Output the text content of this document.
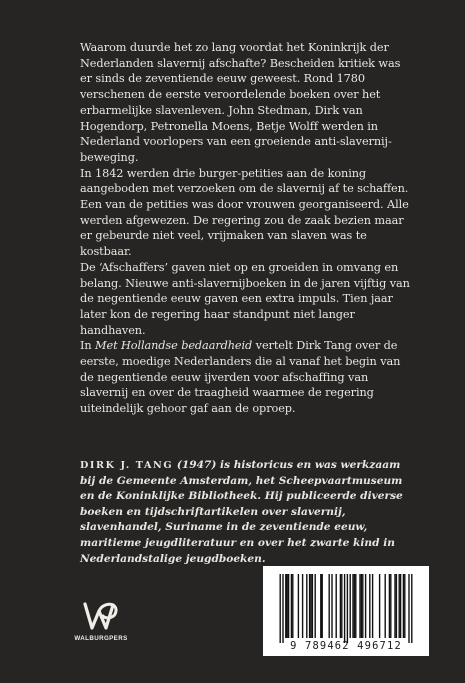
Waarom duurde het zo lang voordat het Koninkrijk der Nederlanden slavernij afschafte? Bescheiden kritiek was er sinds de zeventiende eeuw geweest. Rond 1780 verschenen de eerste veroordelende boeken over het erbarmelijke slavenleven. John Stedman, Dirk van Hogendorp, Petronella Moens, Betje Wolff werden in Nederland voorlopers van een groeiende anti-slavernij-beweging.

In 1842 werden drie burger-petities aan de koning aangeboden met verzoeken om de slavernij af te schaffen. Een van de petities was door vrouwen georganiseerd. Alle werden afgewezen. De regering zou de zaak bezien maar er gebeurde niet veel, vrijmaken van slaven was te kostbaar.

De ‘Afschaffers’ gaven niet op en groeiden in omvang en belang. Nieuwe anti-slavernijboeken in de jaren vijftig van de negentiende eeuw gaven een extra impuls. Tien jaar later kon de regering haar standpunt niet langer handhaven.

In Met Hollandse bedaardheid vertelt Dirk Tang over de eerste, moedige Nederlanders die al vanaf het begin van de negentiende eeuw ijverden voor afschaffing van slavernij en over de traagheid waarmee de regering uiteindelijk gehoor gaf aan de oproep.

DIRK J. TANG (1947) is historicus en was werkzaam bij de Gemeente Amsterdam, het Scheepvaartmuseum en de Koninklijke Bibliotheek. Hij publiceerde diverse boeken en tijdschriftartikelen over slavernij, slavenhandel, Suriname in de zeventiende eeuw, maritieme jeugdliteratuur en over het zwarte kind in Nederlandstalige jeugdboeken.

WALBURGPERS
9 789462 496712
